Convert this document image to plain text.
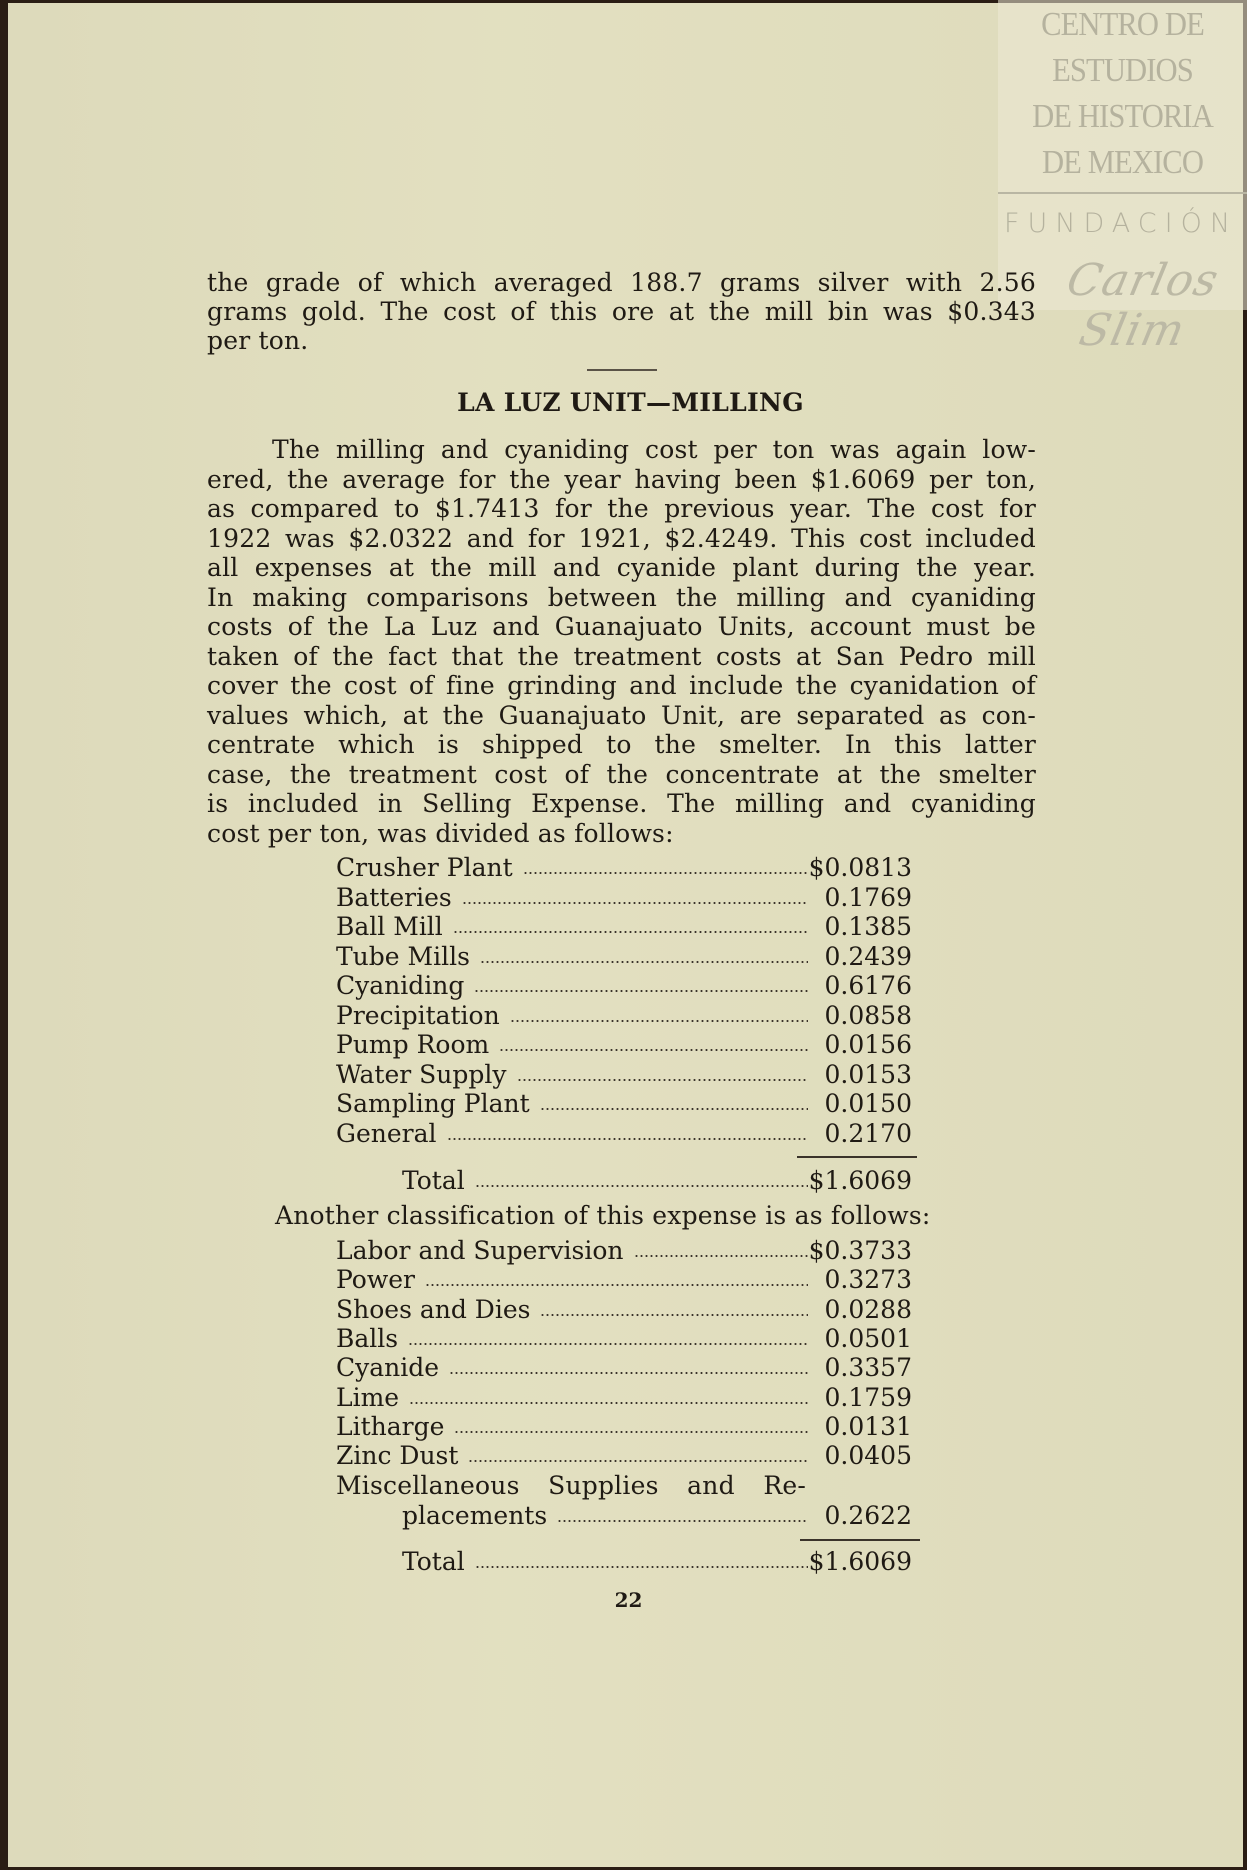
CENTRO DE
ESTUDIOS
DE HISTORIA
DE MEXICO
FUNDACIÓN
Carlos Slim
the grade of which averaged 188.7 grams silver with 2.56
grams gold. The cost of this ore at the mill bin was $0.343
per ton.
LA LUZ UNIT—MILLING
The milling and cyaniding cost per ton was again low-
ered, the average for the year having been $1.6069 per ton,
as compared to $1.7413 for the previous year. The cost for
1922 was $2.0322 and for 1921, $2.4249. This cost included
all expenses at the mill and cyanide plant during the year.
In making comparisons between the milling and cyaniding
costs of the La Luz and Guanajuato Units, account must be
taken of the fact that the treatment costs at San Pedro mill
cover the cost of fine grinding and include the cyanidation of
values which, at the Guanajuato Unit, are separated as con-
centrate which is shipped to the smelter. In this latter
case, the treatment cost of the concentrate at the smelter
is included in Selling Expense. The milling and cyaniding
cost per ton, was divided as follows:
Crusher Plant	$0.0813
Batteries	0.1769
Ball Mill	0.1385
Tube Mills	0.2439
Cyaniding	0.6176
Precipitation	0.0858
Pump Room	0.0156
Water Supply	0.0153
Sampling Plant	0.0150
General	0.2170
Total	$1.6069
Another classification of this expense is as follows:
Labor and Supervision	$0.3733
Power	0.3273
Shoes and Dies	0.0288
Balls	0.0501
Cyanide	0.3357
Lime	0.1759
Litharge	0.0131
Zinc Dust	0.0405
Miscellaneous Supplies and Re-
placements	0.2622
Total	$1.6069
22
